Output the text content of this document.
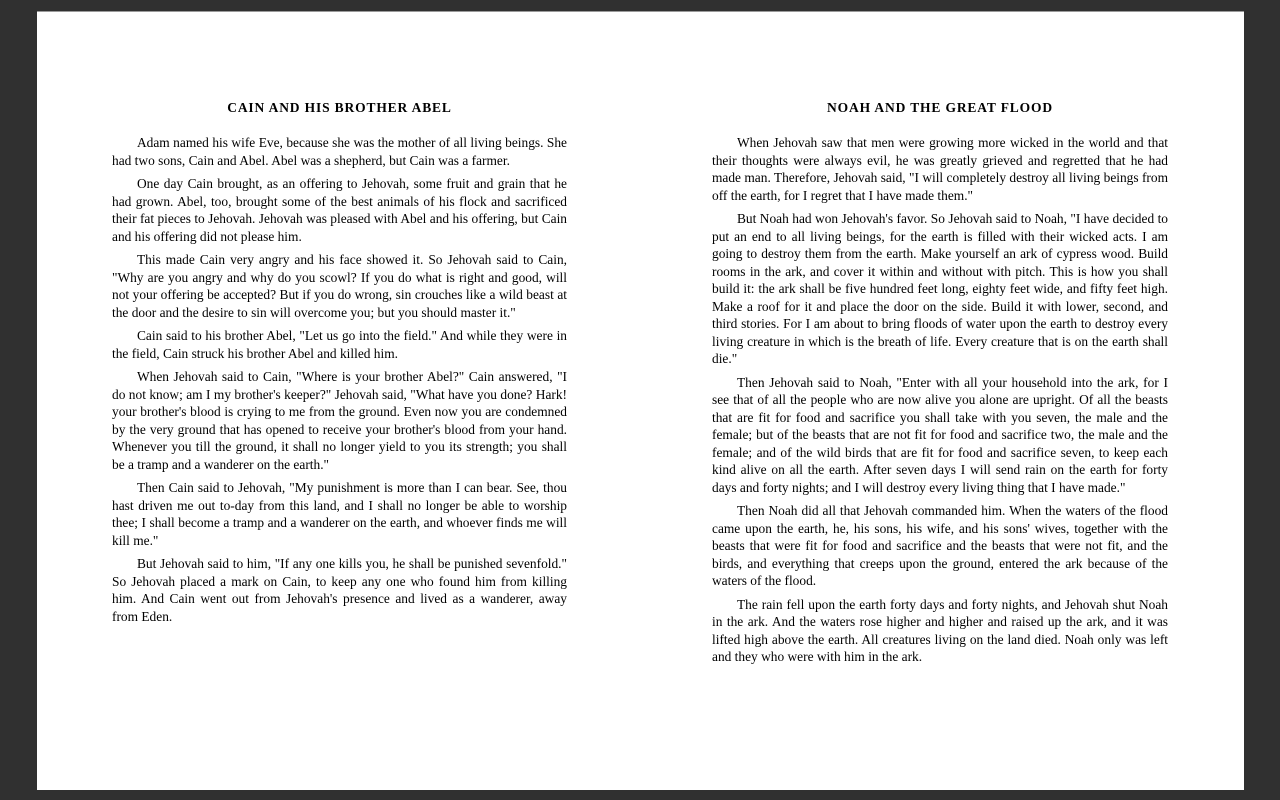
CAIN AND HIS BROTHER ABEL

Adam named his wife Eve, because she was the mother of all living beings. She had two sons, Cain and Abel. Abel was a shepherd, but Cain was a farmer.

One day Cain brought, as an offering to Jehovah, some fruit and grain that he had grown. Abel, too, brought some of the best animals of his flock and sacrificed their fat pieces to Jehovah. Jehovah was pleased with Abel and his offering, but Cain and his offering did not please him.

This made Cain very angry and his face showed it. So Jehovah said to Cain, "Why are you angry and why do you scowl? If you do what is right and good, will not your offering be accepted? But if you do wrong, sin crouches like a wild beast at the door and the desire to sin will overcome you; but you should master it."

Cain said to his brother Abel, "Let us go into the field." And while they were in the field, Cain struck his brother Abel and killed him.

When Jehovah said to Cain, "Where is your brother Abel?" Cain answered, "I do not know; am I my brother's keeper?" Jehovah said, "What have you done? Hark! your brother's blood is crying to me from the ground. Even now you are condemned by the very ground that has opened to receive your brother's blood from your hand. Whenever you till the ground, it shall no longer yield to you its strength; you shall be a tramp and a wanderer on the earth."

Then Cain said to Jehovah, "My punishment is more than I can bear. See, thou hast driven me out to-day from this land, and I shall no longer be able to worship thee; I shall become a tramp and a wanderer on the earth, and whoever finds me will kill me."

But Jehovah said to him, "If any one kills you, he shall be punished sevenfold." So Jehovah placed a mark on Cain, to keep any one who found him from killing him. And Cain went out from Jehovah's presence and lived as a wanderer, away from Eden.

NOAH AND THE GREAT FLOOD

When Jehovah saw that men were growing more wicked in the world and that their thoughts were always evil, he was greatly grieved and regretted that he had made man. Therefore, Jehovah said, "I will completely destroy all living beings from off the earth, for I regret that I have made them."

But Noah had won Jehovah's favor. So Jehovah said to Noah, "I have decided to put an end to all living beings, for the earth is filled with their wicked acts. I am going to destroy them from the earth. Make yourself an ark of cypress wood. Build rooms in the ark, and cover it within and without with pitch. This is how you shall build it: the ark shall be five hundred feet long, eighty feet wide, and fifty feet high. Make a roof for it and place the door on the side. Build it with lower, second, and third stories. For I am about to bring floods of water upon the earth to destroy every living creature in which is the breath of life. Every creature that is on the earth shall die."

Then Jehovah said to Noah, "Enter with all your household into the ark, for I see that of all the people who are now alive you alone are upright. Of all the beasts that are fit for food and sacrifice you shall take with you seven, the male and the female; but of the beasts that are not fit for food and sacrifice two, the male and the female; and of the wild birds that are fit for food and sacrifice seven, to keep each kind alive on all the earth. After seven days I will send rain on the earth for forty days and forty nights; and I will destroy every living thing that I have made."

Then Noah did all that Jehovah commanded him. When the waters of the flood came upon the earth, he, his sons, his wife, and his sons' wives, together with the beasts that were fit for food and sacrifice and the beasts that were not fit, and the birds, and everything that creeps upon the ground, entered the ark because of the waters of the flood.

The rain fell upon the earth forty days and forty nights, and Jehovah shut Noah in the ark. And the waters rose higher and higher and raised up the ark, and it was lifted high above the earth. All creatures living on the land died. Noah only was left and they who were with him in the ark.
